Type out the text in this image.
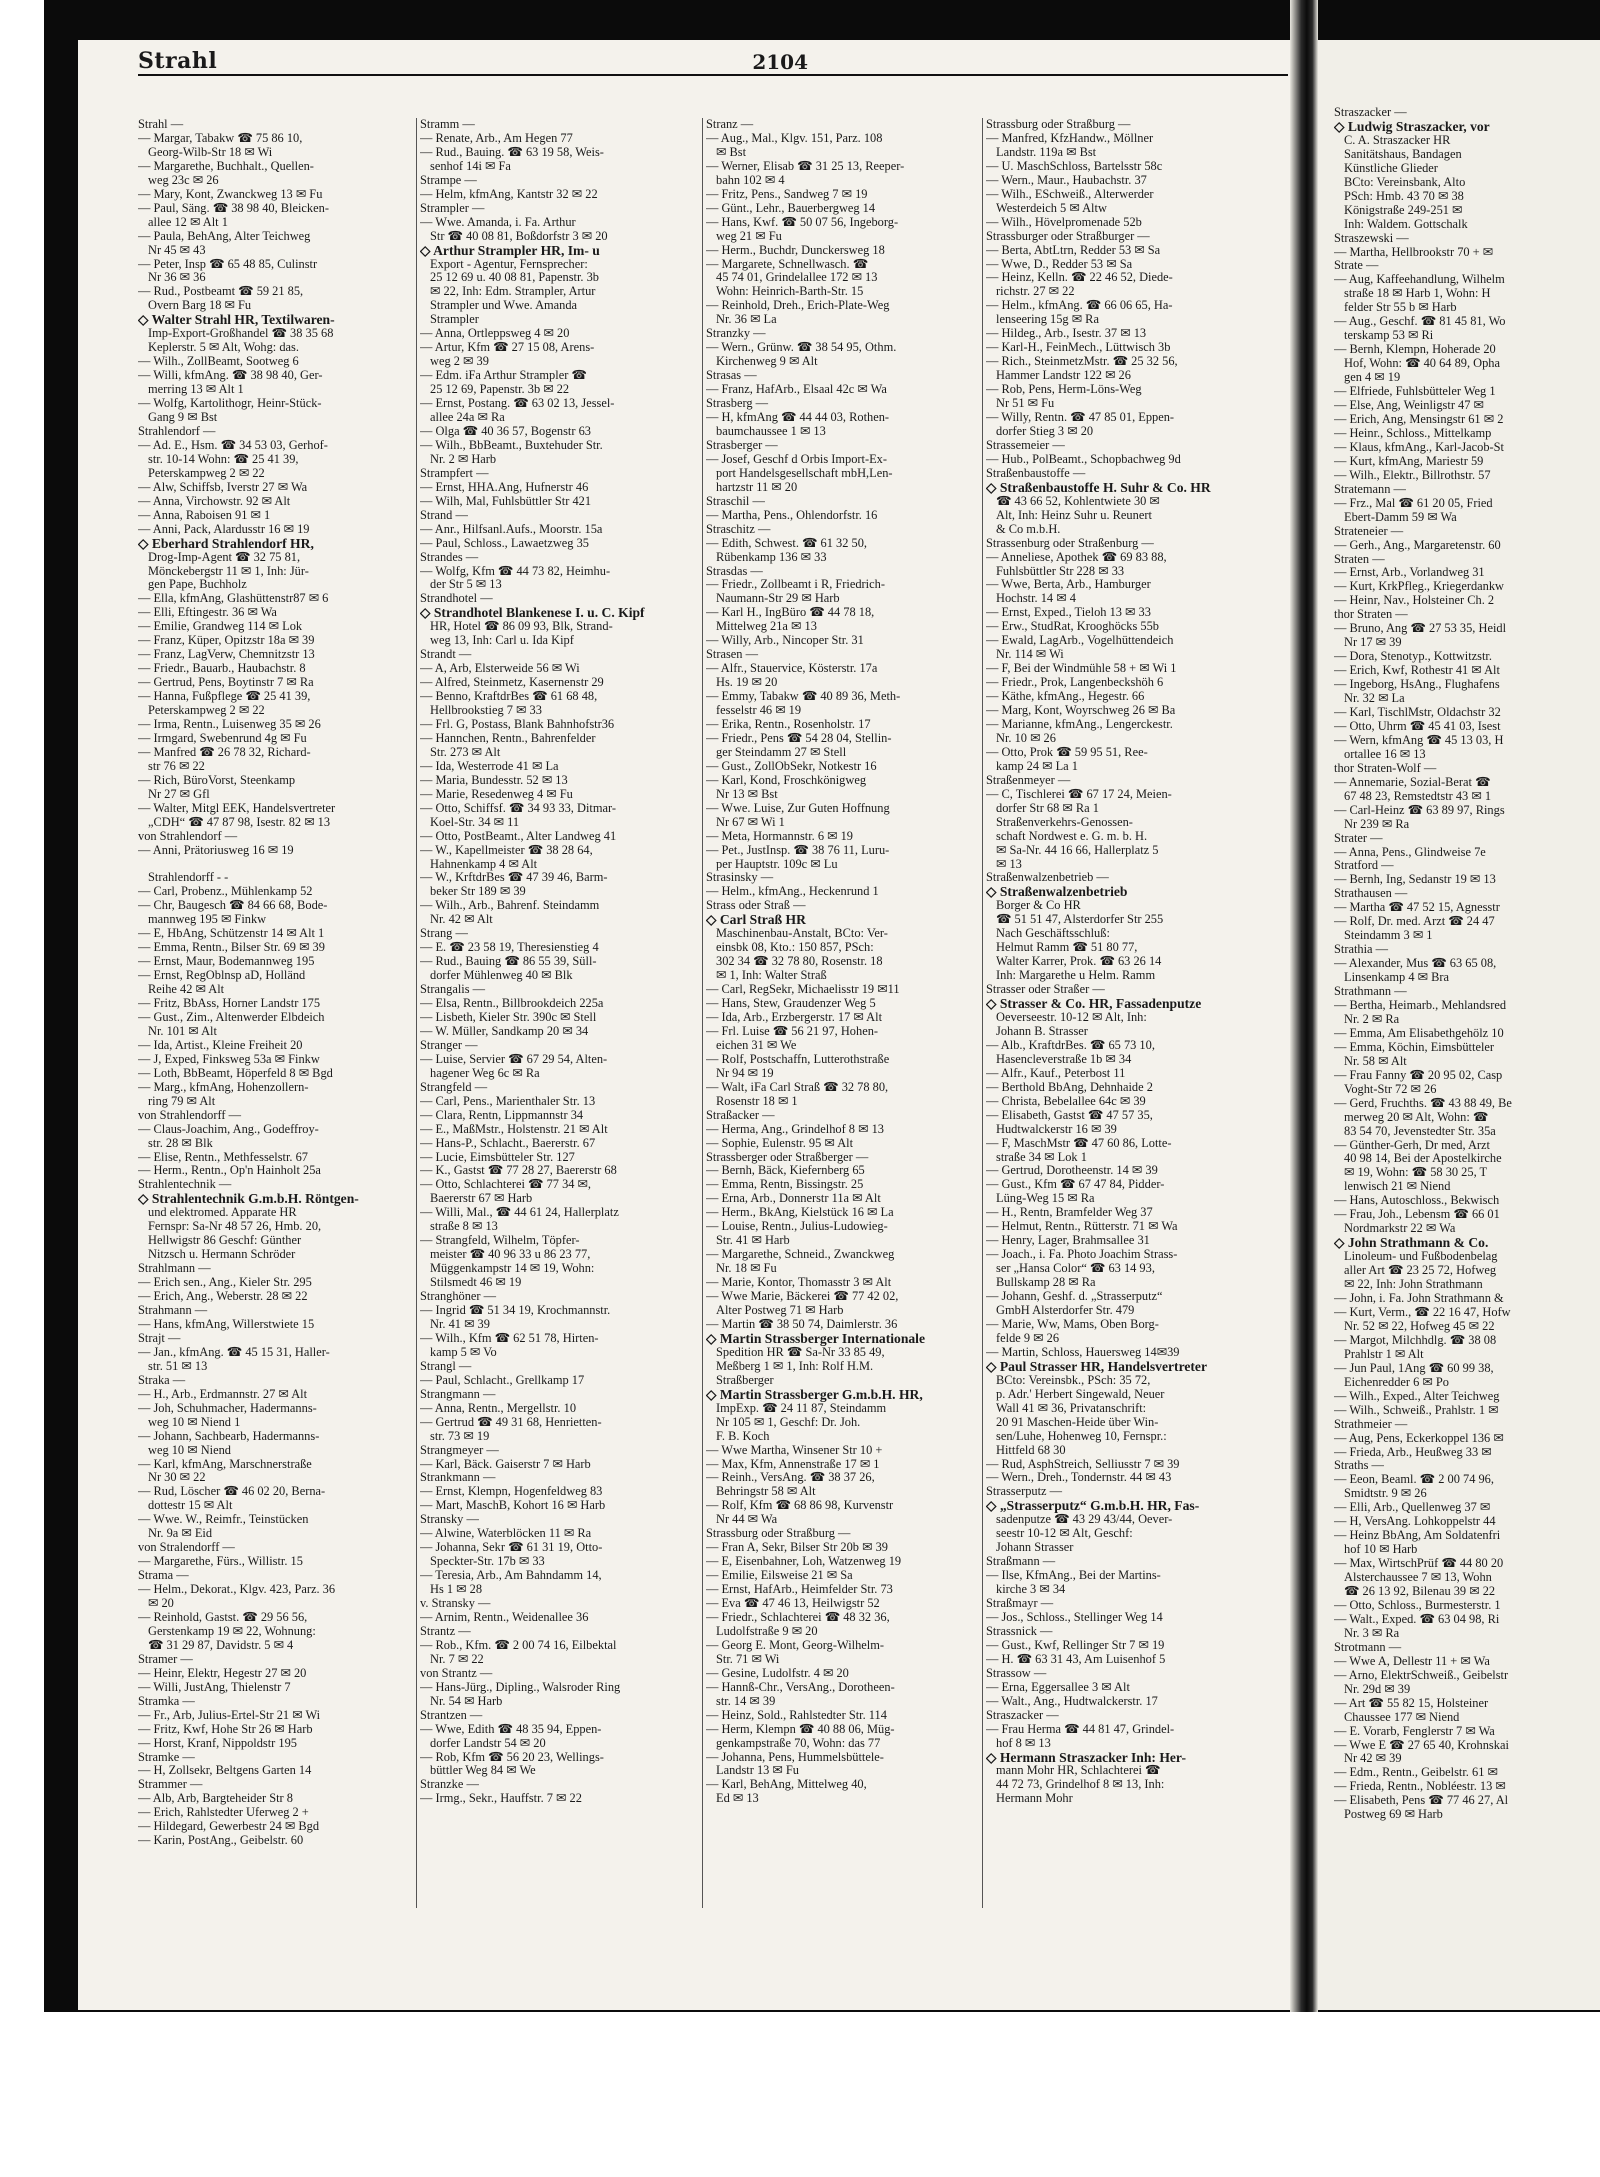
Strahl	2104
Strahl —
— Margar, Tabakw ☎ 75 86 10,
Georg-Wilb-Str 18 ✉ Wi
— Margarethe, Buchhalt., Quellen-
weg 23c ✉ 26
— Mary, Kont, Zwanckweg 13 ✉ Fu
— Paul, Säng. ☎ 38 98 40, Bleicken-
allee 12 ✉ Alt 1
— Paula, BehAng, Alter Teichweg
Nr 45 ✉ 43
— Peter, Insp ☎ 65 48 85, Culinstr
Nr 36 ✉ 36
— Rud., Postbeamt ☎ 59 21 85,
Overn Barg 18 ✉ Fu
◇ Walter Strahl HR, Textilwaren-
Imp-Export-Großhandel ☎ 38 35 68
Keplerstr. 5 ✉ Alt, Wohg: das.
— Wilh., ZollBeamt, Sootweg 6
— Willi, kfmAng. ☎ 38 98 40, Ger-
merring 13 ✉ Alt 1
— Wolfg, Kartolithogr, Heinr-Stück-
Gang 9 ✉ Bst
Strahlendorf —
— Ad. E., Hsm. ☎ 34 53 03, Gerhof-
str. 10-14 Wohn: ☎ 25 41 39,
Peterskampweg 2 ✉ 22
— Alw, Schiffsb, Iverstr 27 ✉ Wa
— Anna, Virchowstr. 92 ✉ Alt
— Anna, Raboisen 91 ✉ 1
— Anni, Pack, Alardusstr 16 ✉ 19
◇ Eberhard Strahlendorf HR,
Drog-Imp-Agent ☎ 32 75 81,
Mönckebergstr 11 ✉ 1, Inh: Jür-
gen Pape, Buchholz
— Ella, kfmAng, Glashüttenstr87 ✉ 6
— Elli, Eftingestr. 36 ✉ Wa
— Emilie, Grandweg 114 ✉ Lok
— Franz, Küper, Opitzstr 18a ✉ 39
— Franz, LagVerw, Chemnitzstr 13
— Friedr., Bauarb., Haubachstr. 8
— Gertrud, Pens, Boytinstr 7 ✉ Ra
— Hanna, Fußpflege ☎ 25 41 39,
Peterskampweg 2 ✉ 22
— Irma, Rentn., Luisenweg 35 ✉ 26
— Irmgard, Swebenrund 4g ✉ Fu
— Manfred ☎ 26 78 32, Richard-
str 76 ✉ 22
— Rich, BüroVorst, Steenkamp
Nr 27 ✉ Gfl
— Walter, Mitgl EEK, Handelsvertreter
„CDH“ ☎ 47 87 98, Isestr. 82 ✉ 13
von Strahlendorf —
— Anni, Prätoriusweg 16 ✉ 19

Strahlendorff - -
— Carl, Probenz., Mühlenkamp 52
— Chr, Baugesch ☎ 84 66 68, Bode-
mannweg 195 ✉ Finkw
— E, HbAng, Schützenstr 14 ✉ Alt 1
— Emma, Rentn., Bilser Str. 69 ✉ 39
— Ernst, Maur, Bodemannweg 195
— Ernst, RegOblnsp aD, Holländ
Reihe 42 ✉ Alt
— Fritz, BbAss, Horner Landstr 175
— Gust., Zim., Altenwerder Elbdeich
Nr. 101 ✉ Alt
— Ida, Artist., Kleine Freiheit 20
— J, Exped, Finksweg 53a ✉ Finkw
— Loth, BbBeamt, Höperfeld 8 ✉ Bgd
— Marg., kfmAng, Hohenzollern-
ring 79 ✉ Alt
von Strahlendorff —
— Claus-Joachim, Ang., Godeffroy-
str. 28 ✉ Blk
— Elise, Rentn., Methfesselstr. 67
— Herm., Rentn., Op'n Hainholt 25a
Strahlentechnik —
◇ Strahlentechnik G.m.b.H. Röntgen-
und elektromed. Apparate HR
Fernspr: Sa-Nr 48 57 26, Hmb. 20,
Hellwigstr 86 Geschf: Günther
Nitzsch u. Hermann Schröder
Strahlmann —
— Erich sen., Ang., Kieler Str. 295
— Erich, Ang., Weberstr. 28 ✉ 22
Strahmann —
— Hans, kfmAng, Willerstwiete 15
Strajt —
— Jan., kfmAng. ☎ 45 15 31, Haller-
str. 51 ✉ 13
Straka —
— H., Arb., Erdmannstr. 27 ✉ Alt
— Joh, Schuhmacher, Hadermanns-
weg 10 ✉ Niend 1
— Johann, Sachbearb, Hadermanns-
weg 10 ✉ Niend
— Karl, kfmAng, Marschnerstraße
Nr 30 ✉ 22
— Rud, Löscher ☎ 46 02 20, Berna-
dottestr 15 ✉ Alt
— Wwe. W., Reimfr., Teinstücken
Nr. 9a ✉ Eid
von Stralendorff —
— Margarethe, Fürs., Willistr. 15
Strama —
— Helm., Dekorat., Klgv. 423, Parz. 36
✉ 20
— Reinhold, Gastst. ☎ 29 56 56,
Gerstenkamp 19 ✉ 22, Wohnung:
☎ 31 29 87, Davidstr. 5 ✉ 4
Stramer —
— Heinr, Elektr, Hegestr 27 ✉ 20
— Willi, JustAng, Thielenstr 7
Stramka —
— Fr., Arb, Julius-Ertel-Str 21 ✉ Wi
— Fritz, Kwf, Hohe Str 26 ✉ Harb
— Horst, Kranf, Nippoldstr 195
Stramke —
— H, Zollsekr, Beltgens Garten 14
Strammer —
— Alb, Arb, Bargteheider Str 8
— Erich, Rahlstedter Uferweg 2 +
— Hildegard, Gewerbestr 24 ✉ Bgd
— Karin, PostAng., Geibelstr. 60
Stramm —
— Renate, Arb., Am Hegen 77
— Rud., Bauing. ☎ 63 19 58, Weis-
senhof 14i ✉ Fa
Strampe —
— Helm, kfmAng, Kantstr 32 ✉ 22
Strampler —
— Wwe. Amanda, i. Fa. Arthur
Str ☎ 40 08 81, Boßdorfstr 3 ✉ 20
◇ Arthur Strampler HR, Im- u
Export - Agentur, Fernsprecher:
25 12 69 u. 40 08 81, Papenstr. 3b
✉ 22, Inh: Edm. Strampler, Artur
Strampler und Wwe. Amanda
Strampler
— Anna, Ortleppsweg 4 ✉ 20
— Artur, Kfm ☎ 27 15 08, Arens-
weg 2 ✉ 39
— Edm. iFa Arthur Strampler ☎
25 12 69, Papenstr. 3b ✉ 22
— Ernst, Postang. ☎ 63 02 13, Jessel-
allee 24a ✉ Ra
— Olga ☎ 40 36 57, Bogenstr 63
— Wilh., BbBeamt., Buxtehuder Str.
Nr. 2 ✉ Harb
Strampfert —
— Ernst, HHA.Ang, Hufnerstr 46
— Wilh, Mal, Fuhlsbüttler Str 421
Strand —
— Anr., Hilfsanl.Aufs., Moorstr. 15a
— Paul, Schloss., Lawaetzweg 35
Strandes —
— Wolfg, Kfm ☎ 44 73 82, Heimhu-
der Str 5 ✉ 13
Strandhotel —
◇ Strandhotel Blankenese I. u. C. Kipf
HR, Hotel ☎ 86 09 93, Blk, Strand-
weg 13, Inh: Carl u. Ida Kipf
Strandt —
— A, Arb, Elsterweide 56 ✉ Wi
— Alfred, Steinmetz, Kasernenstr 29
— Benno, KraftdrBes ☎ 61 68 48,
Hellbrookstieg 7 ✉ 33
— Frl. G, Postass, Blank Bahnhofstr36
— Hannchen, Rentn., Bahrenfelder
Str. 273 ✉ Alt
— Ida, Westerrode 41 ✉ La
— Maria, Bundesstr. 52 ✉ 13
— Marie, Resedenweg 4 ✉ Fu
— Otto, Schiffsf. ☎ 34 93 33, Ditmar-
Koel-Str. 34 ✉ 11
— Otto, PostBeamt., Alter Landweg 41
— W., Kapellmeister ☎ 38 28 64,
Hahnenkamp 4 ✉ Alt
— W., KrftdrBes ☎ 47 39 46, Barm-
beker Str 189 ✉ 39
— Wilh., Arb., Bahrenf. Steindamm
Nr. 42 ✉ Alt
Strang —
— E. ☎ 23 58 19, Theresienstieg 4
— Rud., Bauing ☎ 86 55 39, Süll-
dorfer Mühlenweg 40 ✉ Blk
Strangalis —
— Elsa, Rentn., Billbrookdeich 225a
— Lisbeth, Kieler Str. 390c ✉ Stell
— W. Müller, Sandkamp 20 ✉ 34
Stranger —
— Luise, Servier ☎ 67 29 54, Alten-
hagener Weg 6c ✉ Ra
Strangfeld —
— Carl, Pens., Marienthaler Str. 13
— Clara, Rentn, Lippmannstr 34
— E., MaßMstr., Holstenstr. 21 ✉ Alt
— Hans-P., Schlacht., Baererstr. 67
— Lucie, Eimsbütteler Str. 127
— K., Gastst ☎ 77 28 27, Baererstr 68
— Otto, Schlachterei ☎ 77 34 ✉,
Baererstr 67 ✉ Harb
— Willi, Mal., ☎ 44 61 24, Hallerplatz
straße 8 ✉ 13
— Strangfeld, Wilhelm, Töpfer-
meister ☎ 40 96 33 u 86 23 77,
Müggenkampstr 14 ✉ 19, Wohn:
Stilsmedt 46 ✉ 19
Stranghöner —
— Ingrid ☎ 51 34 19, Krochmannstr.
Nr. 41 ✉ 39
— Wilh., Kfm ☎ 62 51 78, Hirten-
kamp 5 ✉ Vo
Strangl —
— Paul, Schlacht., Grellkamp 17
Strangmann —
— Anna, Rentn., Mergellstr. 10
— Gertrud ☎ 49 31 68, Henrietten-
str. 73 ✉ 19
Strangmeyer —
— Karl, Bäck. Gaiserstr 7 ✉ Harb
Strankmann —
— Ernst, Klempn, Hogenfeldweg 83
— Mart, MaschB, Kohort 16 ✉ Harb
Stransky —
— Alwine, Waterblöcken 11 ✉ Ra
— Johanna, Sekr ☎ 61 31 19, Otto-
Speckter-Str. 17b ✉ 33
— Teresia, Arb., Am Bahndamm 14,
Hs 1 ✉ 28
v. Stransky —
— Arnim, Rentn., Weidenallee 36
Strantz —
— Rob., Kfm. ☎ 2 00 74 16, Eilbektal
Nr. 7 ✉ 22
von Strantz —
— Hans-Jürg., Dipling., Walsroder Ring
Nr. 54 ✉ Harb
Strantzen —
— Wwe, Edith ☎ 48 35 94, Eppen-
dorfer Landstr 54 ✉ 20
— Rob, Kfm ☎ 56 20 23, Wellings-
büttler Weg 84 ✉ We
Stranzke —
— Irmg., Sekr., Hauffstr. 7 ✉ 22
Stranz —
— Aug., Mal., Klgv. 151, Parz. 108
✉ Bst
— Werner, Elisab ☎ 31 25 13, Reeper-
bahn 102 ✉ 4
— Fritz, Pens., Sandweg 7 ✉ 19
— Günt., Lehr., Bauerbergweg 14
— Hans, Kwf. ☎ 50 07 56, Ingeborg-
weg 21 ✉ Fu
— Herm., Buchdr, Dunckersweg 18
— Margarete, Schnellwasch. ☎
45 74 01, Grindelallee 172 ✉ 13
Wohn: Heinrich-Barth-Str. 15
— Reinhold, Dreh., Erich-Plate-Weg
Nr. 36 ✉ La
Stranzky —
— Wern., Grünw. ☎ 38 54 95, Othm.
Kirchenweg 9 ✉ Alt
Strasas —
— Franz, HafArb., Elsaal 42c ✉ Wa
Strasberg —
— H, kfmAng ☎ 44 44 03, Rothen-
baumchaussee 1 ✉ 13
Strasberger —
— Josef, Geschf d Orbis Import-Ex-
port Handelsgesellschaft mbH,Len-
hartzstr 11 ✉ 20
Straschil —
— Martha, Pens., Ohlendorfstr. 16
Straschitz —
— Edith, Schwest. ☎ 61 32 50,
Rübenkamp 136 ✉ 33
Strasdas —
— Friedr., Zollbeamt i R, Friedrich-
Naumann-Str 29 ✉ Harb
— Karl H., IngBüro ☎ 44 78 18,
Mittelweg 21a ✉ 13
— Willy, Arb., Nincoper Str. 31
Strasen —
— Alfr., Stauervice, Kösterstr. 17a
Hs. 19 ✉ 20
— Emmy, Tabakw ☎ 40 89 36, Meth-
fesselstr 46 ✉ 19
— Erika, Rentn., Rosenholstr. 17
— Friedr., Pens ☎ 54 28 04, Stellin-
ger Steindamm 27 ✉ Stell
— Gust., ZollObSekr, Notkestr 16
— Karl, Kond, Froschkönigweg
Nr 13 ✉ Bst
— Wwe. Luise, Zur Guten Hoffnung
Nr 67 ✉ Wi 1
— Meta, Hormannstr. 6 ✉ 19
— Pet., JustInsp. ☎ 38 76 11, Luru-
per Hauptstr. 109c ✉ Lu
Strasinsky —
— Helm., kfmAng., Heckenrund 1
Strass oder Straß —
◇ Carl Straß HR
Maschinenbau-Anstalt, BCto: Ver-
einsbk 08, Kto.: 150 857, PSch:
302 34 ☎ 32 78 80, Rosenstr. 18
✉ 1, Inh: Walter Straß
— Carl, RegSekr, Michaelisstr 19 ✉11
— Hans, Stew, Graudenzer Weg 5
— Ida, Arb., Erzbergerstr. 17 ✉ Alt
— Frl. Luise ☎ 56 21 97, Hohen-
eichen 31 ✉ We
— Rolf, Postschaffn, Lutterothstraße
Nr 94 ✉ 19
— Walt, iFa Carl Straß ☎ 32 78 80,
Rosenstr 18 ✉ 1
Straßacker —
— Herma, Ang., Grindelhof 8 ✉ 13
— Sophie, Eulenstr. 95 ✉ Alt
Strassberger oder Straßberger —
— Bernh, Bäck, Kiefernberg 65
— Emma, Rentn, Bissingstr. 25
— Erna, Arb., Donnerstr 11a ✉ Alt
— Herm., BkAng, Kielstück 16 ✉ La
— Louise, Rentn., Julius-Ludowieg-
Str. 41 ✉ Harb
— Margarethe, Schneid., Zwanckweg
Nr. 18 ✉ Fu
— Marie, Kontor, Thomasstr 3 ✉ Alt
— Wwe Marie, Bäckerei ☎ 77 42 02,
Alter Postweg 71 ✉ Harb
— Martin ☎ 38 50 74, Daimlerstr. 36
◇ Martin Strassberger Internationale
Spedition HR ☎ Sa-Nr 33 85 49,
Meßberg 1 ✉ 1, Inh: Rolf H.M.
Straßberger
◇ Martin Strassberger G.m.b.H. HR,
ImpExp. ☎ 24 11 87, Steindamm
Nr 105 ✉ 1, Geschf: Dr. Joh.
F. B. Koch
— Wwe Martha, Winsener Str 10 +
— Max, Kfm, Annenstraße 17 ✉ 1
— Reinh., VersAng. ☎ 38 37 26,
Behringstr 58 ✉ Alt
— Rolf, Kfm ☎ 68 86 98, Kurvenstr
Nr 44 ✉ Wa
Strassburg oder Straßburg —
— Fran A, Sekr, Bilser Str 20b ✉ 39
— E, Eisenbahner, Loh, Watzenweg 19
— Emilie, Eilsweise 21 ✉ Sa
— Ernst, HafArb., Heimfelder Str. 73
— Eva ☎ 47 46 13, Heilwigstr 52
— Friedr., Schlachterei ☎ 48 32 36,
Ludolfstraße 9 ✉ 20
— Georg E. Mont, Georg-Wilhelm-
Str. 71 ✉ Wi
— Gesine, Ludolfstr. 4 ✉ 20
— Hannß-Chr., VersAng., Dorotheen-
str. 14 ✉ 39
— Heinz, Sold., Rahlstedter Str. 114
— Herm, Klempn ☎ 40 88 06, Müg-
genkampstraße 70, Wohn: das 77
— Johanna, Pens, Hummelsbüttele-
Landstr 13 ✉ Fu
— Karl, BehAng, Mittelweg 40,
Ed ✉ 13
Strassburg oder Straßburg —
— Manfred, KfzHandw., Möllner
Landstr. 119a ✉ Bst
— U. MaschSchloss, Bartelsstr 58c
— Wern., Maur., Haubachstr. 37
— Wilh., ESchweiß., Alterwerder
Westerdeich 5 ✉ Altw
— Wilh., Hövelpromenade 52b
Strassburger oder Straßburger —
— Berta, AbtLtrn, Redder 53 ✉ Sa
— Wwe, D., Redder 53 ✉ Sa
— Heinz, Kelln. ☎ 22 46 52, Diede-
richstr. 27 ✉ 22
— Helm., kfmAng. ☎ 66 06 65, Ha-
lenseering 15g ✉ Ra
— Hildeg., Arb., Isestr. 37 ✉ 13
— Karl-H., FeinMech., Lüttwisch 3b
— Rich., SteinmetzMstr. ☎ 25 32 56,
Hammer Landstr 122 ✉ 26
— Rob, Pens, Herm-Löns-Weg
Nr 51 ✉ Fu
— Willy, Rentn. ☎ 47 85 01, Eppen-
dorfer Stieg 3 ✉ 20
Strassemeier —
— Hub., PolBeamt., Schopbachweg 9d
Straßenbaustoffe —
◇ Straßenbaustoffe H. Suhr & Co. HR
☎ 43 66 52, Kohlentwiete 30 ✉
Alt, Inh: Heinz Suhr u. Reunert
& Co m.b.H.
Strassenburg oder Straßenburg —
— Anneliese, Apothek ☎ 69 83 88,
Fuhlsbüttler Str 228 ✉ 33
— Wwe, Berta, Arb., Hamburger
Hochstr. 14 ✉ 4
— Ernst, Exped., Tieloh 13 ✉ 33
— Erw., StudRat, Krooghöcks 55b
— Ewald, LagArb., Vogelhüttendeich
Nr. 114 ✉ Wi
— F, Bei der Windmühle 58 + ✉ Wi 1
— Friedr., Prok, Langenbeckshöh 6
— Käthe, kfmAng., Hegestr. 66
— Marg, Kont, Woyrschweg 26 ✉ Ba
— Marianne, kfmAng., Lengerckestr.
Nr. 10 ✉ 26
— Otto, Prok ☎ 59 95 51, Ree-
kamp 24 ✉ La 1
Straßenmeyer —
— C, Tischlerei ☎ 67 17 24, Meien-
dorfer Str 68 ✉ Ra 1
Straßenverkehrs-Genossen-
schaft Nordwest e. G. m. b. H.
✉ Sa-Nr. 44 16 66, Hallerplatz 5
✉ 13
Straßenwalzenbetrieb —
◇ Straßenwalzenbetrieb
Borger & Co HR
☎ 51 51 47, Alsterdorfer Str 255
Nach Geschäftsschluß:
Helmut Ramm ☎ 51 80 77,
Walter Karrer, Prok. ☎ 63 26 14
Inh: Margarethe u Helm. Ramm
Strasser oder Straßer —
◇ Strasser & Co. HR, Fassadenputze
Oeverseestr. 10-12 ✉ Alt, Inh:
Johann B. Strasser
— Alb., KraftdrBes. ☎ 65 73 10,
Hasencleverstraße 1b ✉ 34
— Alfr., Kauf., Peterbost 11
— Berthold BbAng, Dehnhaide 2
— Christa, Bebelallee 64c ✉ 39
— Elisabeth, Gastst ☎ 47 57 35,
Hudtwalckerstr 16 ✉ 39
— F, MaschMstr ☎ 47 60 86, Lotte-
straße 34 ✉ Lok 1
— Gertrud, Dorotheenstr. 14 ✉ 39
— Gust., Kfm ☎ 67 47 84, Pidder-
Lüng-Weg 15 ✉ Ra
— H., Rentn, Bramfelder Weg 37
— Helmut, Rentn., Rütterstr. 71 ✉ Wa
— Henry, Lager, Brahmsallee 31
— Joach., i. Fa. Photo Joachim Strass-
ser „Hansa Color“ ☎ 63 14 93,
Bullskamp 28 ✉ Ra
— Johann, Geshf. d. „Strasserputz“
GmbH Alsterdorfer Str. 479
— Marie, Ww, Mams, Oben Borg-
felde 9 ✉ 26
— Martin, Schloss, Hauersweg 14✉39
◇ Paul Strasser HR, Handelsvertreter
BCto: Vereinsbk., PSch: 35 72,
p. Adr.' Herbert Singewald, Neuer
Wall 41 ✉ 36, Privatanschrift:
20 91 Maschen-Heide über Win-
sen/Luhe, Hohenweg 10, Fernspr.:
Hittfeld 68 30
— Rud, AsphStreich, Selliusstr 7 ✉ 39
— Wern., Dreh., Tondernstr. 44 ✉ 43
Strasserputz —
◇ „Strasserputz“ G.m.b.H. HR, Fas-
sadenputze ☎ 43 29 43/44, Oever-
seestr 10-12 ✉ Alt, Geschf:
Johann Strasser
Straßmann —
— Ilse, KfmAng., Bei der Martins-
kirche 3 ✉ 34
Straßmayr —
— Jos., Schloss., Stellinger Weg 14
Strassnick —
— Gust., Kwf, Rellinger Str 7 ✉ 19
— H. ☎ 63 31 43, Am Luisenhof 5
Strassow —
— Erna, Eggersallee 3 ✉ Alt
— Walt., Ang., Hudtwalckerstr. 17
Straszacker —
— Frau Herma ☎ 44 81 47, Grindel-
hof 8 ✉ 13
◇ Hermann Straszacker Inh: Her-
mann Mohr HR, Schlachterei ☎
44 72 73, Grindelhof 8 ✉ 13, Inh:
Hermann Mohr
Straszacker —
◇ Ludwig Straszacker, vor
C. A. Straszacker HR
Sanitätshaus, Bandagen
Künstliche Glieder
BCto: Vereinsbank, Alto
PSch: Hmb. 43 70 ✉ 38
Königstraße 249-251 ✉
Inh: Waldem. Gottschalk
Straszewski —
— Martha, Hellbrookstr 70 + ✉
Strate —
— Aug, Kaffeehandlung, Wilhelm
straße 18 ✉ Harb 1, Wohn: H
felder Str 55 b ✉ Harb
— Aug., Geschf. ☎ 81 45 81, Wo
terskamp 53 ✉ Ri
— Bernh, Klempn, Hoherade 20
Hof, Wohn: ☎ 40 64 89, Opha
gen 4 ✉ 19
— Elfriede, Fuhlsbütteler Weg 1
— Else, Ang, Weinligstr 47 ✉
— Erich, Ang, Mensingstr 61 ✉ 2
— Heinr., Schloss., Mittelkamp
— Klaus, kfmAng., Karl-Jacob-St
— Kurt, kfmAng, Mariestr 59
— Wilh., Elektr., Billrothstr. 57
Stratemann —
— Frz., Mal ☎ 61 20 05, Fried
Ebert-Damm 59 ✉ Wa
Strateneier —
— Gerh., Ang., Margaretenstr. 60
Straten —
— Ernst, Arb., Vorlandweg 31
— Kurt, KrkPfleg., Kriegerdankw
— Heinr, Nav., Holsteiner Ch. 2
thor Straten —
— Bruno, Ang ☎ 27 53 35, Heidl
Nr 17 ✉ 39
— Dora, Stenotyp., Kottwitzstr.
— Erich, Kwf, Rothestr 41 ✉ Alt
— Ingeborg, HsAng., Flughafens
Nr. 32 ✉ La
— Karl, TischlMstr, Oldachstr 32
— Otto, Uhrm ☎ 45 41 03, Isest
— Wern, kfmAng ☎ 45 13 03, H
ortallee 16 ✉ 13
thor Straten-Wolf —
— Annemarie, Sozial-Berat ☎
67 48 23, Remstedtstr 43 ✉ 1
— Carl-Heinz ☎ 63 89 97, Rings
Nr 239 ✉ Ra
Strater —
— Anna, Pens., Glindweise 7e
Stratford —
— Bernh, Ing, Sedanstr 19 ✉ 13
Strathausen —
— Martha ☎ 47 52 15, Agnesstr
— Rolf, Dr. med. Arzt ☎ 24 47
Steindamm 3 ✉ 1
Strathia —
— Alexander, Mus ☎ 63 65 08,
Linsenkamp 4 ✉ Bra
Strathmann —
— Bertha, Heimarb., Mehlandsred
Nr. 2 ✉ Ra
— Emma, Am Elisabethgehölz 10
— Emma, Köchin, Eimsbütteler
Nr. 58 ✉ Alt
— Frau Fanny ☎ 20 95 02, Casp
Voght-Str 72 ✉ 26
— Gerd, Fruchths. ☎ 43 88 49, Be
merweg 20 ✉ Alt, Wohn: ☎
83 54 70, Jevenstedter Str. 35a
— Günther-Gerh, Dr med, Arzt
40 98 14, Bei der Apostelkirche
✉ 19, Wohn: ☎ 58 30 25, T
lenwisch 21 ✉ Niend
— Hans, Autoschloss., Bekwisch
— Frau, Joh., Lebensm ☎ 66 01
Nordmarkstr 22 ✉ Wa
◇ John Strathmann & Co.
Linoleum- und Fußbodenbelag
aller Art ☎ 23 25 72, Hofweg
✉ 22, Inh: John Strathmann
— John, i. Fa. John Strathmann &
— Kurt, Verm., ☎ 22 16 47, Hofw
Nr. 52 ✉ 22, Hofweg 45 ✉ 22
— Margot, Milchhdlg. ☎ 38 08
Prahlstr 1 ✉ Alt
— Jun Paul, 1Ang ☎ 60 99 38,
Eichenredder 6 ✉ Po
— Wilh., Exped., Alter Teichweg
— Wilh., Schweiß., Prahlstr. 1 ✉
Strathmeier —
— Aug, Pens, Eckerkoppel 136 ✉
— Frieda, Arb., Heußweg 33 ✉
Straths —
— Eeon, Beaml. ☎ 2 00 74 96,
Smidtstr. 9 ✉ 26
— Elli, Arb., Quellenweg 37 ✉
— H, VersAng. Lohkoppelstr 44
— Heinz BbAng, Am Soldatenfri
hof 10 ✉ Harb
— Max, WirtschPrüf ☎ 44 80 20
Alsterchaussee 7 ✉ 13, Wohn
☎ 26 13 92, Bilenau 39 ✉ 22
— Otto, Schloss., Burmesterstr. 1
— Walt., Exped. ☎ 63 04 98, Ri
Nr. 3 ✉ Ra
Strotmann —
— Wwe A, Dellestr 11 + ✉ Wa
— Arno, ElektrSchweiß., Geibelstr
Nr. 29d ✉ 39
— Art ☎ 55 82 15, Holsteiner
Chaussee 177 ✉ Niend
— E. Vorarb, Fenglerstr 7 ✉ Wa
— Wwe E ☎ 27 65 40, Krohnskai
Nr 42 ✉ 39
— Edm., Rentn., Geibelstr. 61 ✉
— Frieda, Rentn., Nobléestr. 13 ✉
— Elisabeth, Pens ☎ 77 46 27, Al
Postweg 69 ✉ Harb
